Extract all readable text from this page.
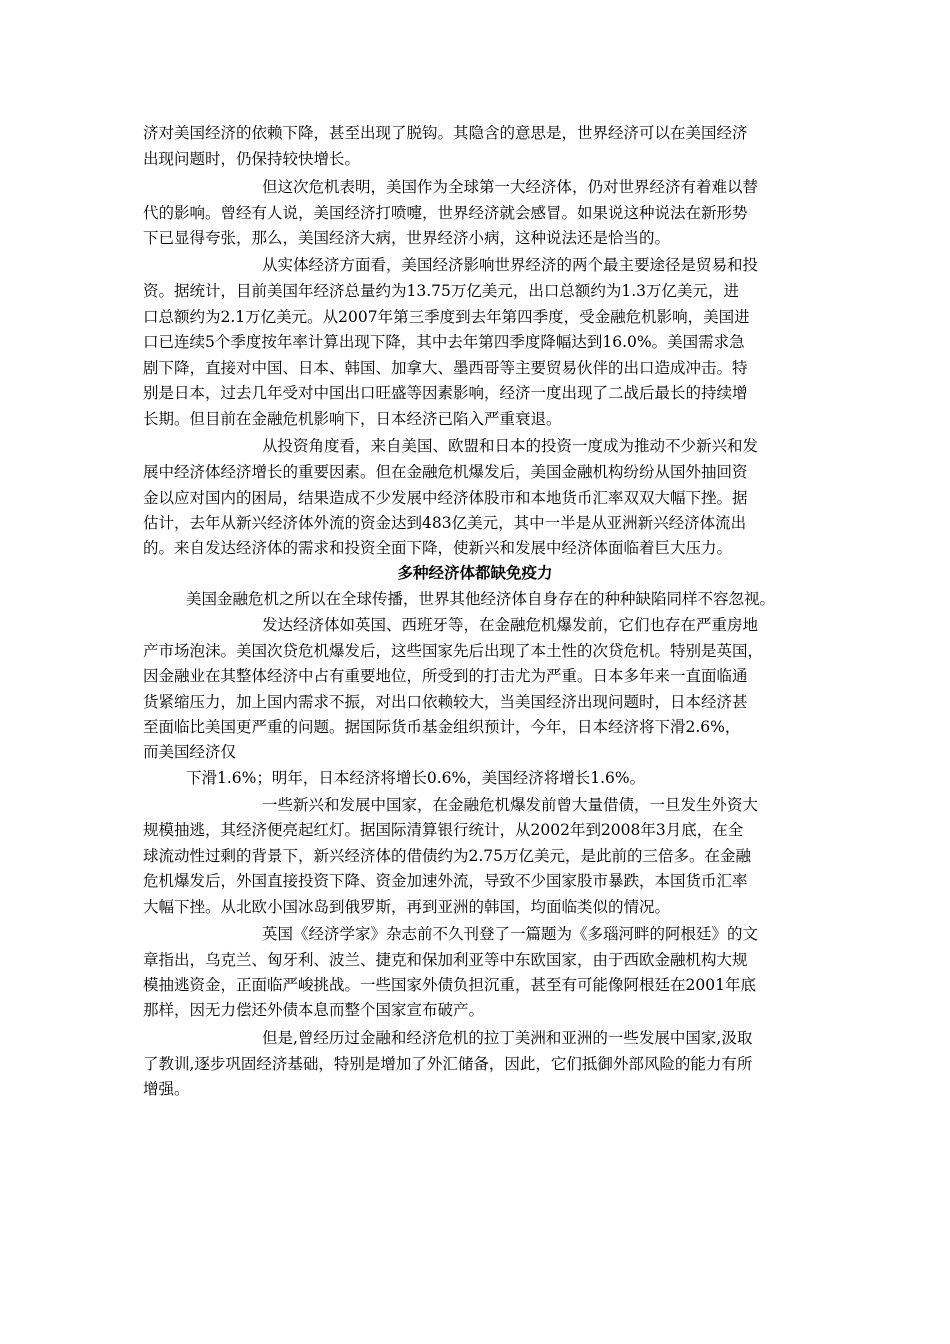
济对美国经济的依赖下降，甚至出现了脱钩。其隐含的意思是，世界经济可以在美国经济
出现问题时，仍保持较快增长。
但这次危机表明，美国作为全球第一大经济体，仍对世界经济有着难以替
代的影响。曾经有人说，美国经济打喷嚏，世界经济就会感冒。如果说这种说法在新形势
下已显得夸张，那么，美国经济大病，世界经济小病，这种说法还是恰当的。
从实体经济方面看，美国经济影响世界经济的两个最主要途径是贸易和投
资。据统计，目前美国年经济总量约为13.75万亿美元，出口总额约为1.3万亿美元，进
口总额约为2.1万亿美元。从2007年第三季度到去年第四季度，受金融危机影响，美国进
口已连续5个季度按年率计算出现下降，其中去年第四季度降幅达到16.0%。美国需求急
剧下降，直接对中国、日本、韩国、加拿大、墨西哥等主要贸易伙伴的出口造成冲击。特
别是日本，过去几年受对中国出口旺盛等因素影响，经济一度出现了二战后最长的持续增
长期。但目前在金融危机影响下，日本经济已陷入严重衰退。
从投资角度看，来自美国、欧盟和日本的投资一度成为推动不少新兴和发
展中经济体经济增长的重要因素。但在金融危机爆发后，美国金融机构纷纷从国外抽回资
金以应对国内的困局，结果造成不少发展中经济体股市和本地货币汇率双双大幅下挫。据
估计，去年从新兴经济体外流的资金达到483亿美元，其中一半是从亚洲新兴经济体流出
的。来自发达经济体的需求和投资全面下降，使新兴和发展中经济体面临着巨大压力。
多种经济体都缺免疫力
美国金融危机之所以在全球传播，世界其他经济体自身存在的种种缺陷同样不容忽视。
发达经济体如英国、西班牙等，在金融危机爆发前，它们也存在严重房地
产市场泡沫。美国次贷危机爆发后，这些国家先后出现了本土性的次贷危机。特别是英国，
因金融业在其整体经济中占有重要地位，所受到的打击尤为严重。日本多年来一直面临通
货紧缩压力，加上国内需求不振，对出口依赖较大，当美国经济出现问题时，日本经济甚
至面临比美国更严重的问题。据国际货币基金组织预计，今年，日本经济将下滑2.6%，
而美国经济仅
下滑1.6%；明年，日本经济将增长0.6%，美国经济将增长1.6%。
一些新兴和发展中国家，在金融危机爆发前曾大量借债，一旦发生外资大
规模抽逃，其经济便亮起红灯。据国际清算银行统计，从2002年到2008年3月底，在全
球流动性过剩的背景下，新兴经济体的借债约为2.75万亿美元，是此前的三倍多。在金融
危机爆发后，外国直接投资下降、资金加速外流，导致不少国家股市暴跌，本国货币汇率
大幅下挫。从北欧小国冰岛到俄罗斯，再到亚洲的韩国，均面临类似的情况。
英国《经济学家》杂志前不久刊登了一篇题为《多瑙河畔的阿根廷》的文
章指出，乌克兰、匈牙利、波兰、捷克和保加利亚等中东欧国家，由于西欧金融机构大规
模抽逃资金，正面临严峻挑战。一些国家外债负担沉重，甚至有可能像阿根廷在2001年底
那样，因无力偿还外债本息而整个国家宣布破产。
但是,曾经历过金融和经济危机的拉丁美洲和亚洲的一些发展中国家,汲取
了教训,逐步巩固经济基础，特别是增加了外汇储备，因此，它们抵御外部风险的能力有所
增强。
